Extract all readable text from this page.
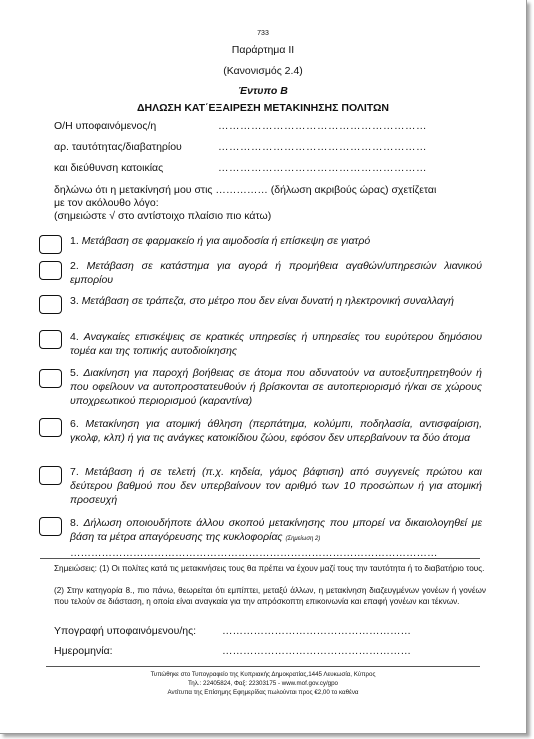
733
Παράρτημα ΙΙ
(Κανονισμός 2.4)
Έντυπο Β
ΔΗΛΩΣΗ ΚΑΤ΄ΕΞΑΙΡΕΣΗ ΜΕΤΑΚΙΝΗΣΗΣ ΠΟΛΙΤΩΝ
Ο/Η υποφαινόμενος/η	…………………………………………………
αρ. ταυτότητας/διαβατηρίου	…………………………………………………
και διεύθυνση κατοικίας	…………………………………………………
δηλώνω ότι η μετακίνησή μου στις …………… (δήλωση ακριβούς ώρας) σχετίζεται
με τον ακόλουθο λόγο:
(σημειώστε √ στο αντίστοιχο πλαίσιο πιο κάτω)
1. Μετάβαση σε φαρμακείο ή για αιμοδοσία ή επίσκεψη σε γιατρό
2. Μετάβαση σε κατάστημα για αγορά ή προμήθεια αγαθών/υπηρεσιών λιανικού εμπορίου
3. Μετάβαση σε τράπεζα, στο μέτρο που δεν είναι δυνατή η ηλεκτρονική συναλλαγή
4. Αναγκαίες επισκέψεις σε κρατικές υπηρεσίες ή υπηρεσίες του ευρύτερου δημόσιου τομέα και της τοπικής αυτοδιοίκησης
5. Διακίνηση για παροχή βοήθειας σε άτομα που αδυνατούν να αυτοεξυπηρετηθούν ή που οφείλουν να αυτοπροστατευθούν ή βρίσκονται σε αυτοπεριορισμό ή/και σε χώρους υποχρεωτικού περιορισμού (καραντίνα)
6. Μετακίνηση για ατομική άθληση (περπάτημα, κολύμπι, ποδηλασία, αντισφαίριση, γκολφ, κλπ) ή για τις ανάγκες κατοικίδιου ζώου, εφόσον δεν υπερβαίνουν τα δύο άτομα
7. Μετάβαση ή σε τελετή (π.χ. κηδεία, γάμος βάφτιση) από συγγενείς πρώτου και δεύτερου βαθμού που δεν υπερβαίνουν τον αριθμό των 10 προσώπων ή για ατομική προσευχή
8. Δήλωση οποιουδήποτε άλλου σκοπού μετακίνησης που μπορεί να δικαιολογηθεί με βάση τα μέτρα απαγόρευσης της κυκλοφορίας (Σημείωση 2)
……………………………………………………………………………………………
Σημειώσεις: (1) Οι πολίτες κατά τις μετακινήσεις τους θα πρέπει να έχουν μαζί τους την ταυτότητα ή το διαβατήριο τους.
(2) Στην κατηγορία 8., πιο πάνω, θεωρείται ότι εμπίπτει, μεταξύ άλλων, η μετακίνηση διαζευγμένων γονέων ή γονέων που τελούν σε διάσταση, η οποία είναι αναγκαία για την απρόσκοπτη επικοινωνία και επαφή γονέων και τέκνων.
Υπογραφή υποφαινόμενου/ης: ………………………………………………
Ημερομηνία:	………………………………………………
Τυπώθηκε στο Τυπογραφείο της Κυπριακής Δημοκρατίας,1445 Λευκωσία, Κύπρος
Τηλ.: 22405824, Φαξ: 22303175 - www.mof.gov.cy/gpo
Αντίτυπα της Επίσημης Εφημερίδας πωλούνται προς €2,00 το καθένα
